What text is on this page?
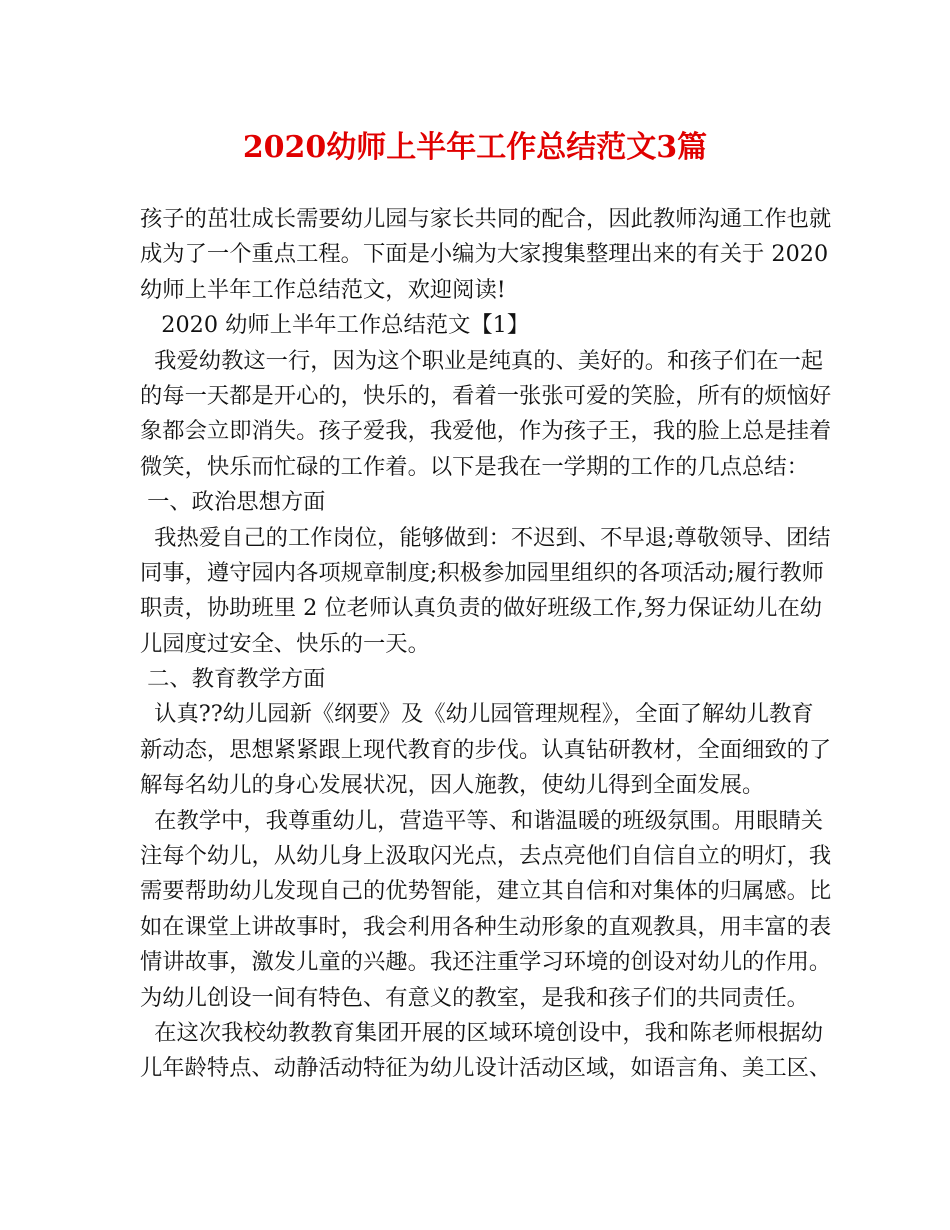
2020幼师上半年工作总结范文3篇
孩子的茁壮成长需要幼儿园与家长共同的配合，因此教师沟通工作也就
成为了一个重点工程。下面是小编为大家搜集整理出来的有关于 2020
幼师上半年工作总结范文，欢迎阅读!
2020 幼师上半年工作总结范文【1】
我爱幼教这一行，因为这个职业是纯真的、美好的。和孩子们在一起
的每一天都是开心的，快乐的，看着一张张可爱的笑脸，所有的烦恼好
象都会立即消失。孩子爱我，我爱他，作为孩子王，我的脸上总是挂着
微笑，快乐而忙碌的工作着。以下是我在一学期的工作的几点总结：
一、政治思想方面
我热爱自己的工作岗位，能够做到：不迟到、不早退;尊敬领导、团结
同事，遵守园内各项规章制度;积极参加园里组织的各项活动;履行教师
职责，协助班里 2 位老师认真负责的做好班级工作,努力保证幼儿在幼
儿园度过安全、快乐的一天。
二、教育教学方面
认真??幼儿园新《纲要》及《幼儿园管理规程》，全面了解幼儿教育
新动态，思想紧紧跟上现代教育的步伐。认真钻研教材，全面细致的了
解每名幼儿的身心发展状况，因人施教，使幼儿得到全面发展。
在教学中，我尊重幼儿，营造平等、和谐温暖的班级氛围。用眼睛关
注每个幼儿，从幼儿身上汲取闪光点，去点亮他们自信自立的明灯，我
需要帮助幼儿发现自己的优势智能，建立其自信和对集体的归属感。比
如在课堂上讲故事时，我会利用各种生动形象的直观教具，用丰富的表
情讲故事，激发儿童的兴趣。我还注重学习环境的创设对幼儿的作用。
为幼儿创设一间有特色、有意义的教室，是我和孩子们的共同责任。
在这次我校幼教教育集团开展的区域环境创设中，我和陈老师根据幼
儿年龄特点、动静活动特征为幼儿设计活动区域，如语言角、美工区、
